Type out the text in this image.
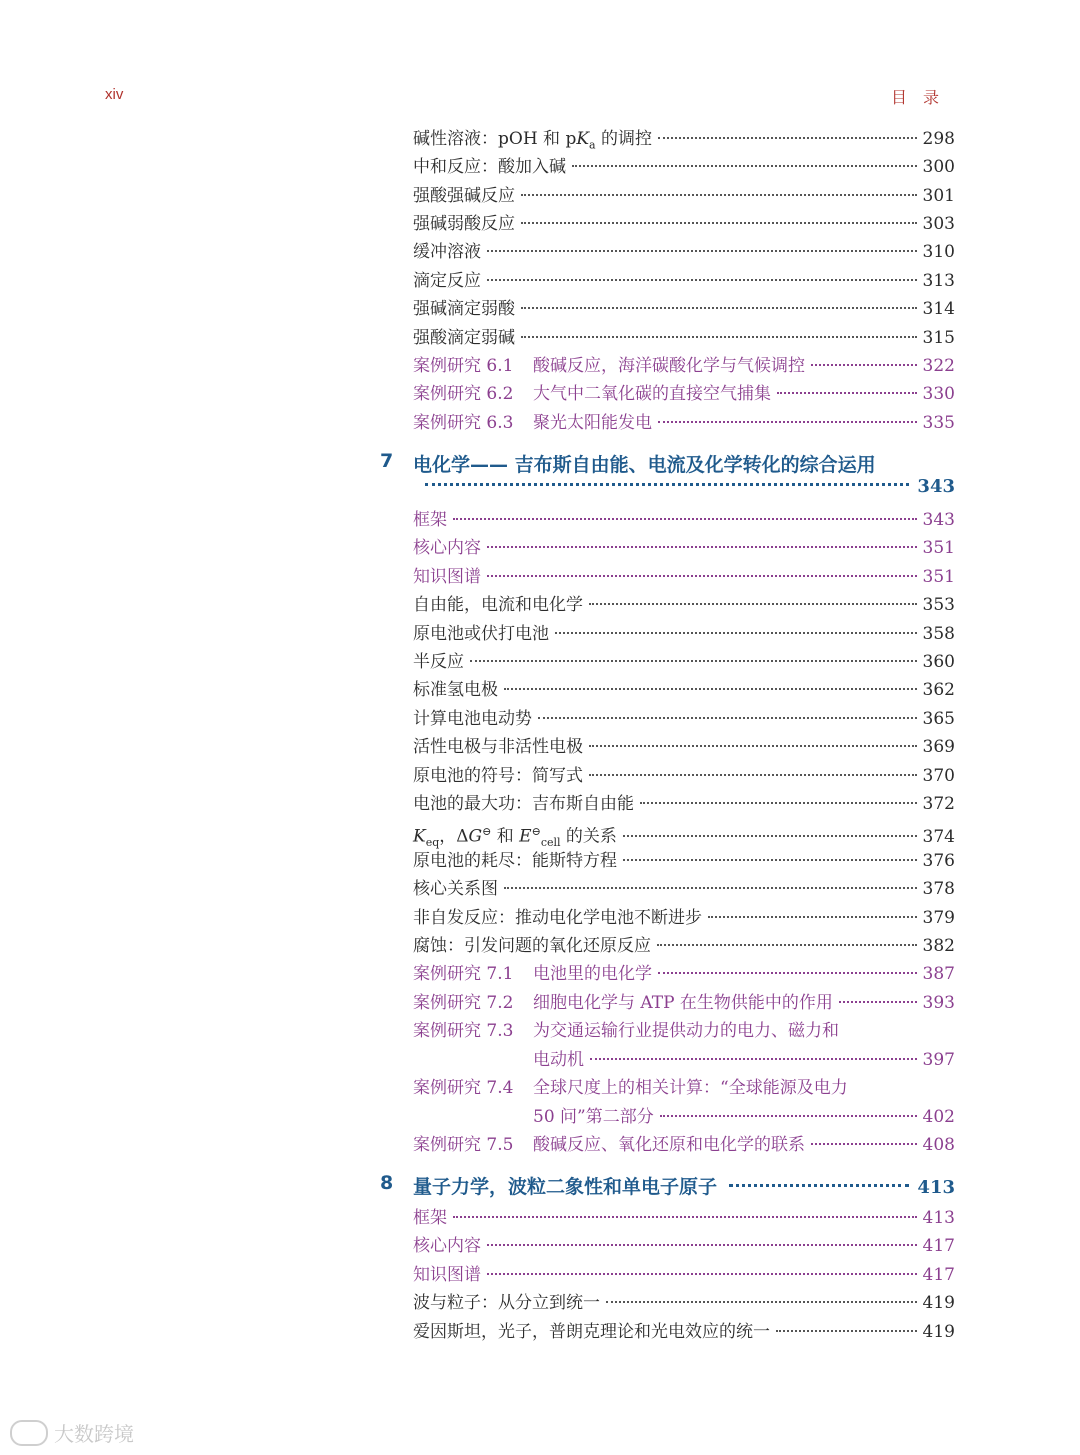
xiv	目录
碱性溶液：pOH 和 $pK_a$ 的调控	298
中和反应：酸加入碱	300
强酸强碱反应	301
强碱弱酸反应	303
缓冲溶液	310
滴定反应	313
强碱滴定弱酸	314
强酸滴定弱碱	315
案例研究 6.1 酸碱反应，海洋碳酸化学与气候调控	322
案例研究 6.2 大气中二氧化碳的直接空气捕集	330
案例研究 6.3 聚光太阳能发电	335
7 电化学—— 吉布斯自由能、电流及化学转化的综合运用
343
框架	343
核心内容	351
知识图谱	351
自由能，电流和电化学	353
原电池或伏打电池	358
半反应	360
标准氢电极	362
计算电池电动势	365
活性电极与非活性电极	369
原电池的符号：简写式	370
电池的最大功：吉布斯自由能	372
$K_{eq}$，ΔG⊖ 和 $E^⊖_{cell}$ 的关系	374
原电池的耗尽：能斯特方程	376
核心关系图	378
非自发反应：推动电化学电池不断进步	379
腐蚀：引发问题的氧化还原反应	382
案例研究 7.1 电池里的电化学	387
案例研究 7.2 细胞电化学与 ATP 在生物供能中的作用	393
案例研究 7.3 为交通运输行业提供动力的电力、磁力和
电动机	397
案例研究 7.4 全球尺度上的相关计算：“全球能源及电力
50 问”第二部分	402
案例研究 7.5 酸碱反应、氧化还原和电化学的联系	408
8 量子力学，波粒二象性和单电子原子	413
框架	413
核心内容	417
知识图谱	417
波与粒子：从分立到统一	419
爱因斯坦，光子，普朗克理论和光电效应的统一	419
大数跨境
